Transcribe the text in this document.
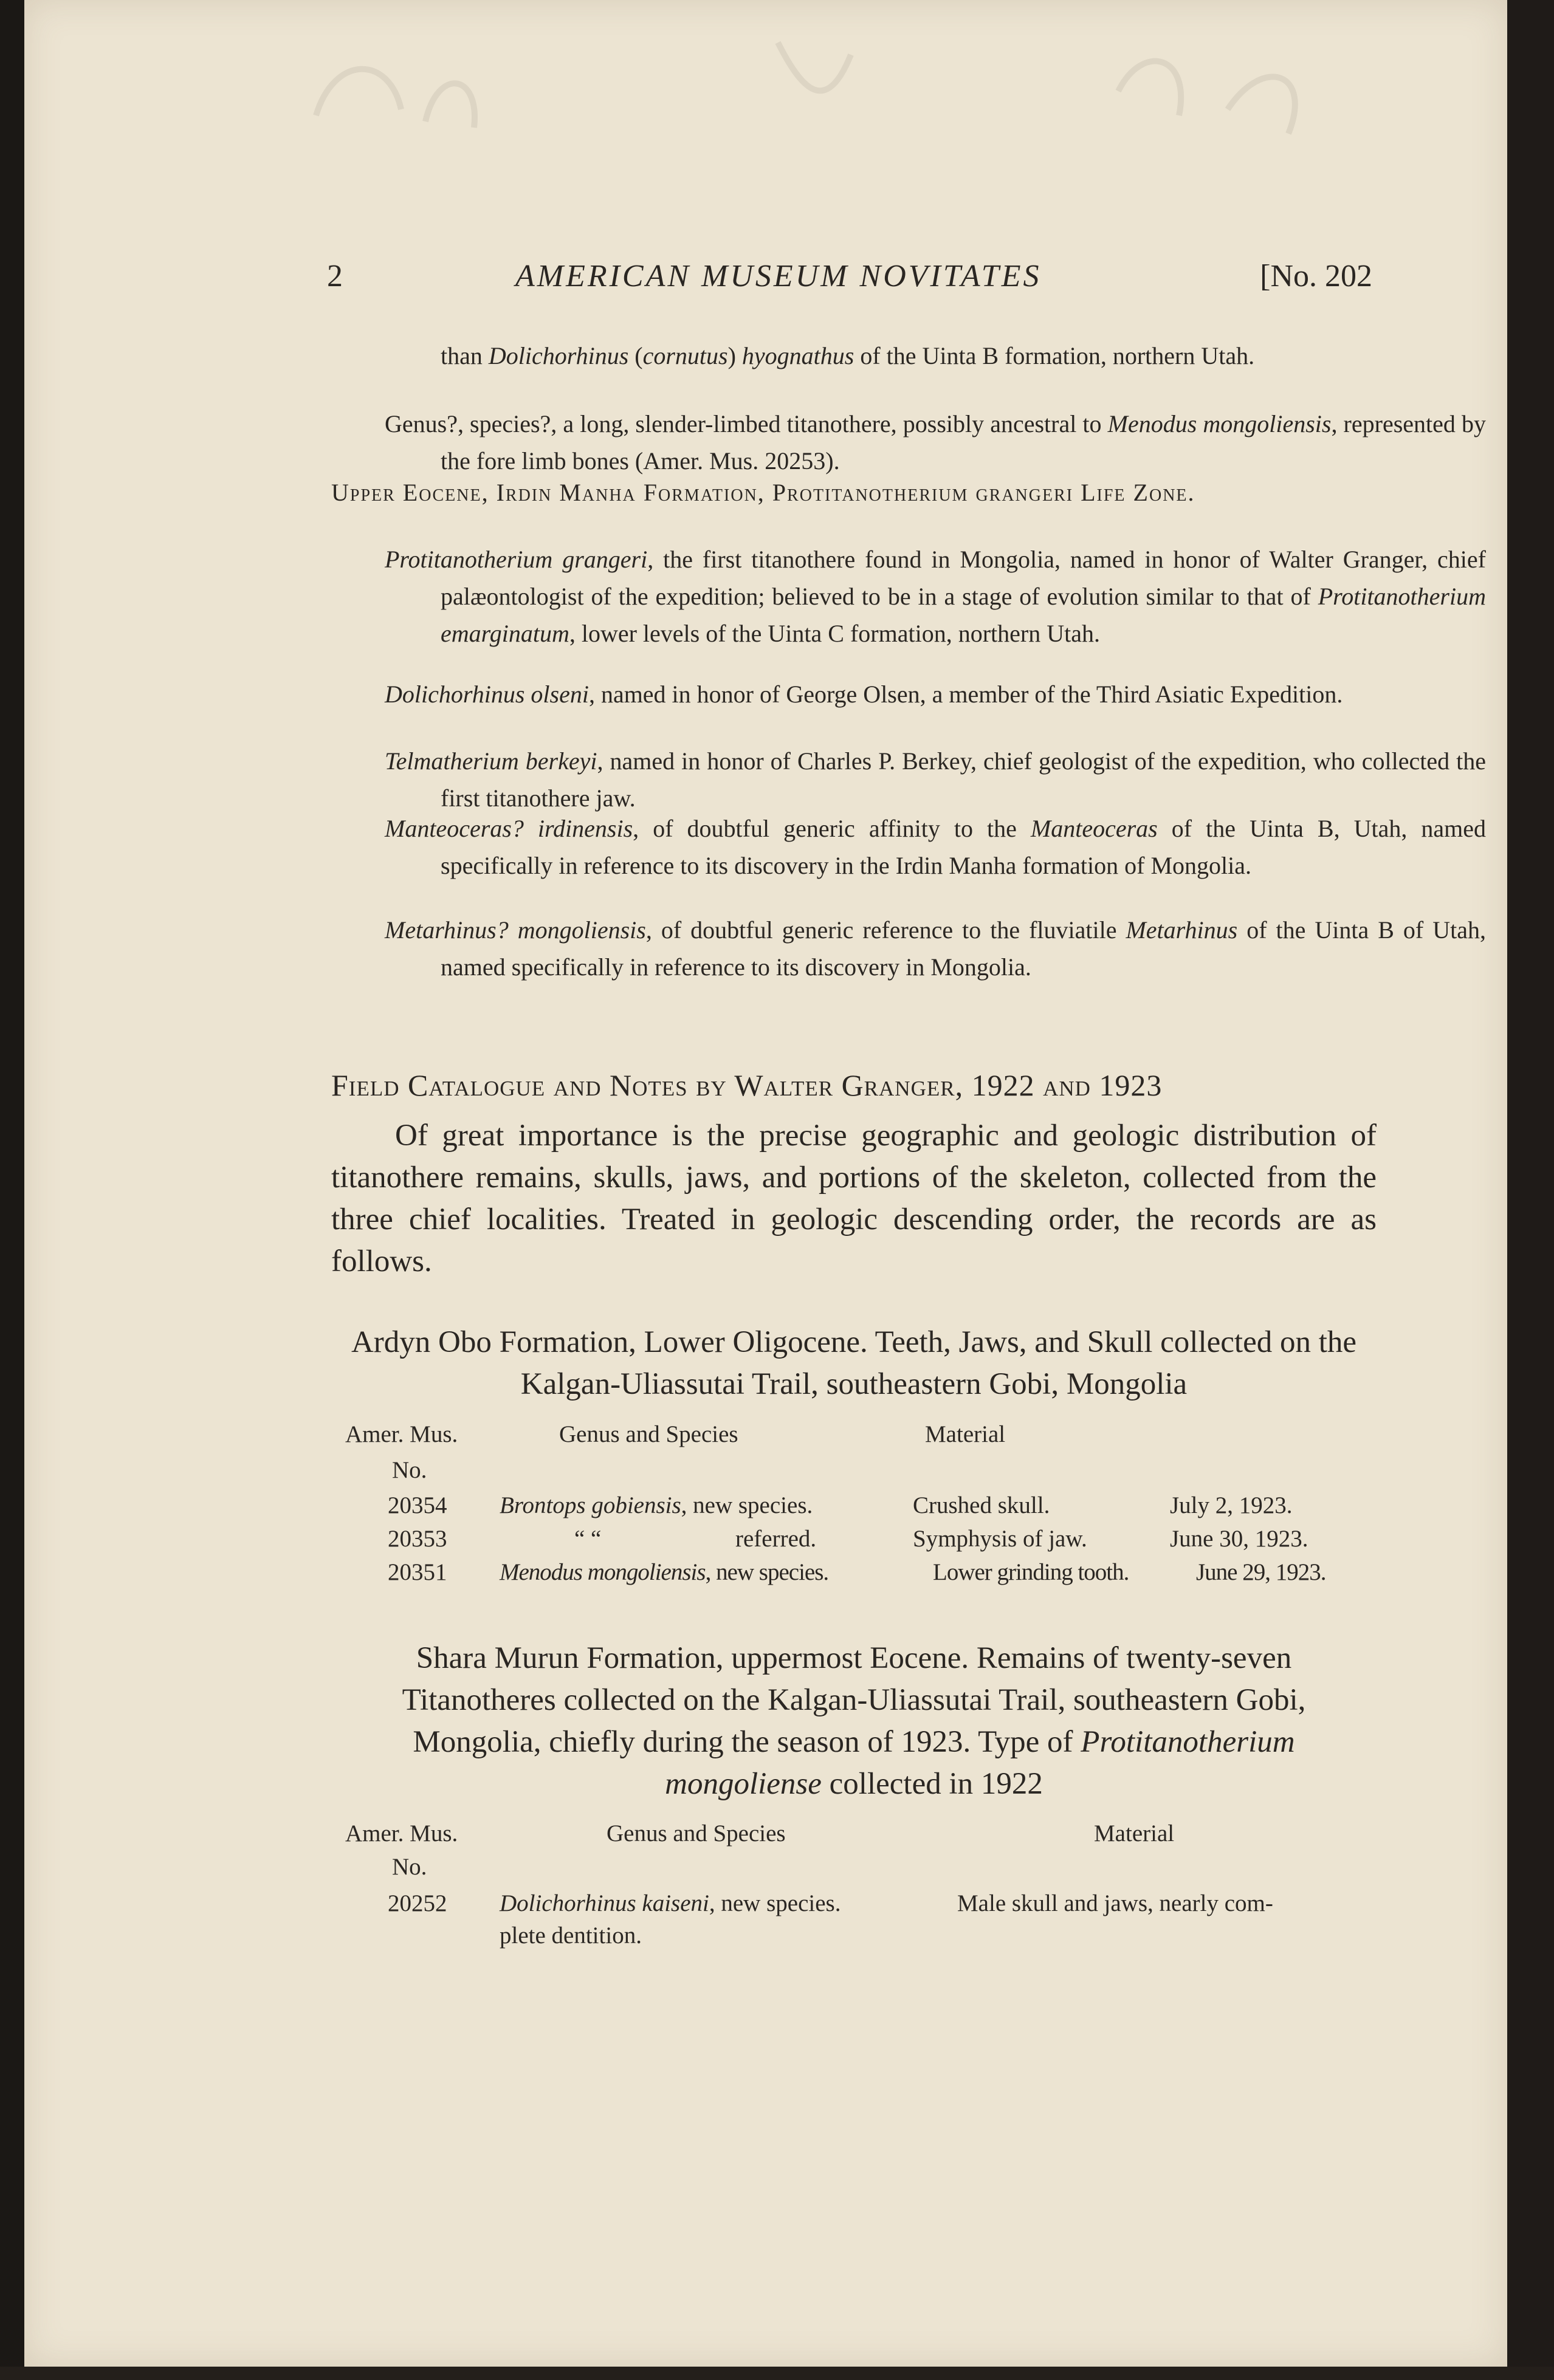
2	AMERICAN MUSEUM NOVITATES	[No. 202
than Dolichorhinus (cornutus) hyognathus of the Uinta B formation, northern Utah.
Genus?, species?, a long, slender-limbed titanothere, possibly ancestral to Menodus mongoliensis, represented by the fore limb bones (Amer. Mus. 20253).
Upper Eocene, Irdin Manha Formation, Protitanotherium grangeri Life Zone.
Protitanotherium grangeri, the first titanothere found in Mongolia, named in honor of Walter Granger, chief palæontologist of the expedition; believed to be in a stage of evolution similar to that of Protitanotherium emarginatum, lower levels of the Uinta C formation, northern Utah.
Dolichorhinus olseni, named in honor of George Olsen, a member of the Third Asiatic Expedition.
Telmatherium berkeyi, named in honor of Charles P. Berkey, chief geologist of the expedition, who collected the first titanothere jaw.
Manteoceras? irdinensis, of doubtful generic affinity to the Manteoceras of the Uinta B, Utah, named specifically in reference to its discovery in the Irdin Manha formation of Mongolia.
Metarhinus? mongoliensis, of doubtful generic reference to the fluviatile Metarhinus of the Uinta B of Utah, named specifically in reference to its discovery in Mongolia.
Field Catalogue and Notes by Walter Granger, 1922 and 1923
Of great importance is the precise geographic and geologic distribution of titanothere remains, skulls, jaws, and portions of the skeleton, collected from the three chief localities. Treated in geologic descending order, the records are as follows.
Ardyn Obo Formation, Lower Oligocene. Teeth, Jaws, and Skull collected on the Kalgan-Uliassutai Trail, southeastern Gobi, Mongolia
Amer. Mus.
No.
Genus and Species	Material
20354 Brontops gobiensis, new species.	Crushed skull.	July 2, 1923.
20353	“ “	referred.	Symphysis of jaw.	June 30, 1923.
20351 Menodus mongoliensis, new species.	Lower grinding tooth.	June 29, 1923.
Shara Murun Formation, uppermost Eocene. Remains of twenty-seven Titanotheres collected on the Kalgan-Uliassutai Trail, southeastern Gobi, Mongolia, chiefly during the season of 1923. Type of Protitanotherium mongoliense collected in 1922
Amer. Mus.
No.
Genus and Species	Material
20252 Dolichorhinus kaiseni, new species.	Male skull and jaws, nearly com-
plete dentition.
